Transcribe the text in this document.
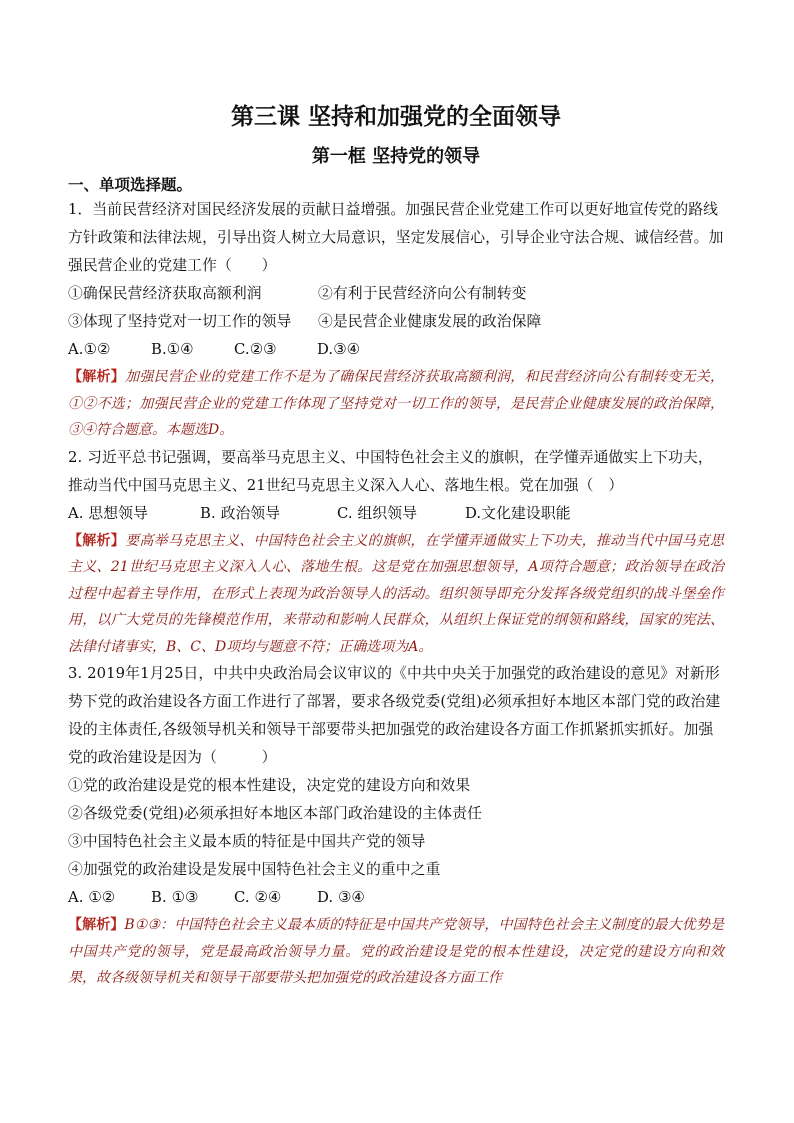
第三课 坚持和加强党的全面领导
第一框 坚持党的领导
一、单项选择题。

1．当前民营经济对国民经济发展的贡献日益增强。加强民营企业党建工作可以更好地宣传党的路线方针政策和法律法规，引导出资人树立大局意识，坚定发展信心，引导企业守法合规、诚信经营。加强民营企业的党建工作（　　）

①确保民营经济获取高额利润	②有利于民营经济向公有制转变
③体现了坚持党对一切工作的领导	④是民营企业健康发展的政治保障
A.①②	B.①④	C.②③	D.③④

【解析】加强民营企业的党建工作不是为了确保民营经济获取高额利润，和民营经济向公有制转变无关，①②不选；加强民营企业的党建工作体现了坚持党对一切工作的领导，是民营企业健康发展的政治保障，③④符合题意。本题选D。

2. 习近平总书记强调，要高举马克思主义、中国特色社会主义的旗帜，在学懂弄通做实上下功夫，推动当代中国马克思主义、21世纪马克思主义深入人心、落地生根。党在加强（　）

A. 思想领导	B. 政治领导	C. 组织领导	D.文化建设职能

【解析】要高举马克思主义、中国特色社会主义的旗帜，在学懂弄通做实上下功夫，推动当代中国马克思主义、21世纪马克思主义深入人心、落地生根。这是党在加强思想领导，A项符合题意；政治领导在政治过程中起着主导作用，在形式上表现为政治领导人的活动。组织领导即充分发挥各级党组织的战斗堡垒作用，以广大党员的先锋模范作用，来带动和影响人民群众，从组织上保证党的纲领和路线，国家的宪法、法律付诸事实，B、C、D项均与题意不符；正确选项为A。

3. 2019年1月25日，中共中央政治局会议审议的《中共中央关于加强党的政治建设的意见》对新形势下党的政治建设各方面工作进行了部署，要求各级党委(党组)必须承担好本地区本部门党的政治建设的主体责任,各级领导机关和领导干部要带头把加强党的政治建设各方面工作抓紧抓实抓好。加强党的政治建设是因为（　　　）

①党的政治建设是党的根本性建设，决定党的建设方向和效果

②各级党委(党组)必须承担好本地区本部门政治建设的主体责任

③中国特色社会主义最本质的特征是中国共产党的领导

④加强党的政治建设是发展中国特色社会主义的重中之重

A. ①②	B. ①③	C. ②④	D. ③④

【解析】B①③：中国特色社会主义最本质的特征是中国共产党领导，中国特色社会主义制度的最大优势是中国共产党的领导，党是最高政治领导力量。党的政治建设是党的根本性建设，决定党的建设方向和效果，故各级领导机关和领导干部要带头把加强党的政治建设各方面工作
